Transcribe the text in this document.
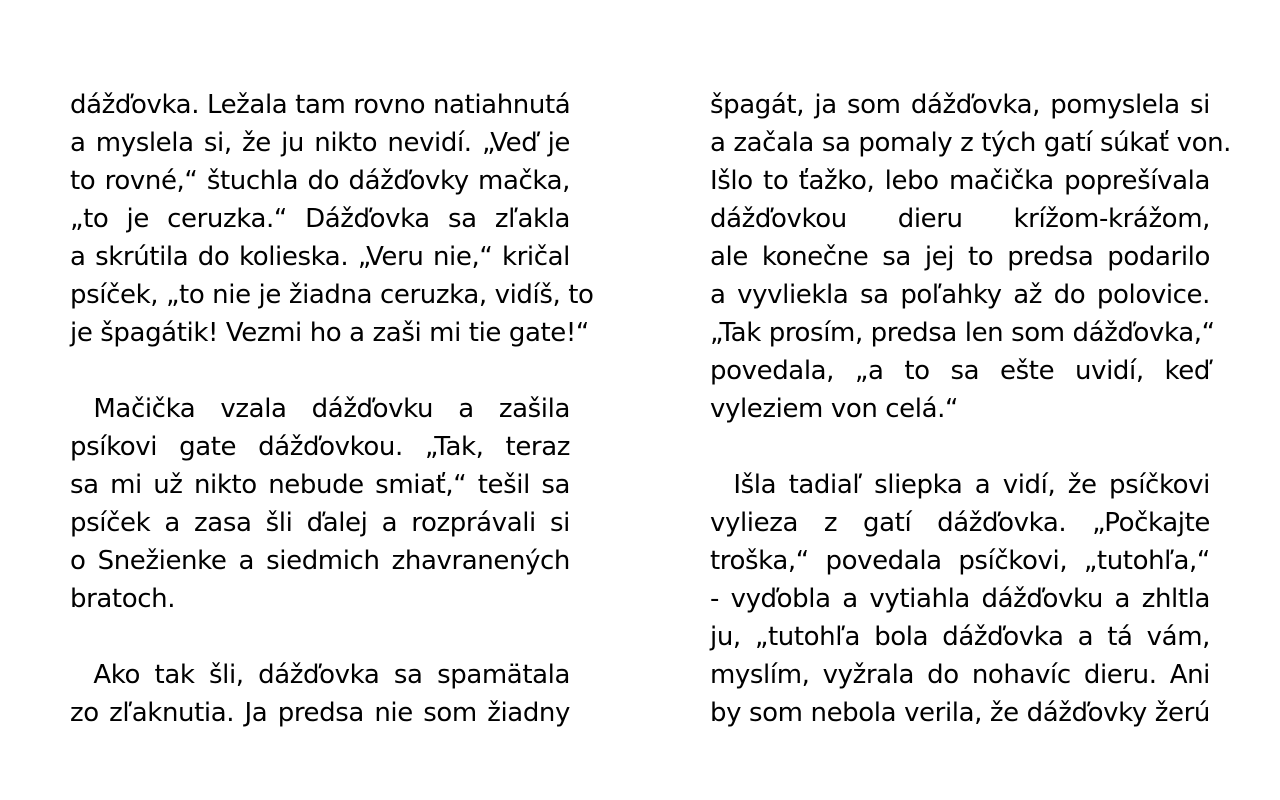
dážďovka. Ležala tam rovno natiahnutá
a myslela si, že ju nikto nevidí. „Veď je
to rovné,“ štuchla do dážďovky mačka,
„to je ceruzka.“ Dážďovka sa zľakla
a skrútila do kolieska. „Veru nie,“ kričal
psíček, „to nie je žiadna ceruzka, vidíš, to
je špagátik! Vezmi ho a zaši mi tie gate!“
Mačička vzala dážďovku a zašila
psíkovi gate dážďovkou. „Tak, teraz
sa mi už nikto nebude smiať,“ tešil sa
psíček a zasa šli ďalej a rozprávali si
o Snežienke a siedmich zhavranených
bratoch.
Ako tak šli, dážďovka sa spamätala
zo zľaknutia. Ja predsa nie som žiadny
špagát, ja som dážďovka, pomyslela si
a začala sa pomaly z tých gatí súkať von.
Išlo to ťažko, lebo mačička poprešívala
dážďovkou dieru krížom-krážom,
ale konečne sa jej to predsa podarilo
a vyvliekla sa poľahky až do polovice.
„Tak prosím, predsa len som dážďovka,“
povedala, „a to sa ešte uvidí, keď
vyleziem von celá.“
Išla tadiaľ sliepka a vidí, že psíčkovi
vylieza z gatí dážďovka. „Počkajte
troška,“ povedala psíčkovi, „tutohľa,“
- vyďobla a vytiahla dážďovku a zhltla
ju, „tutohľa bola dážďovka a tá vám,
myslím, vyžrala do nohavíc dieru. Ani
by som nebola verila, že dážďovky žerú
